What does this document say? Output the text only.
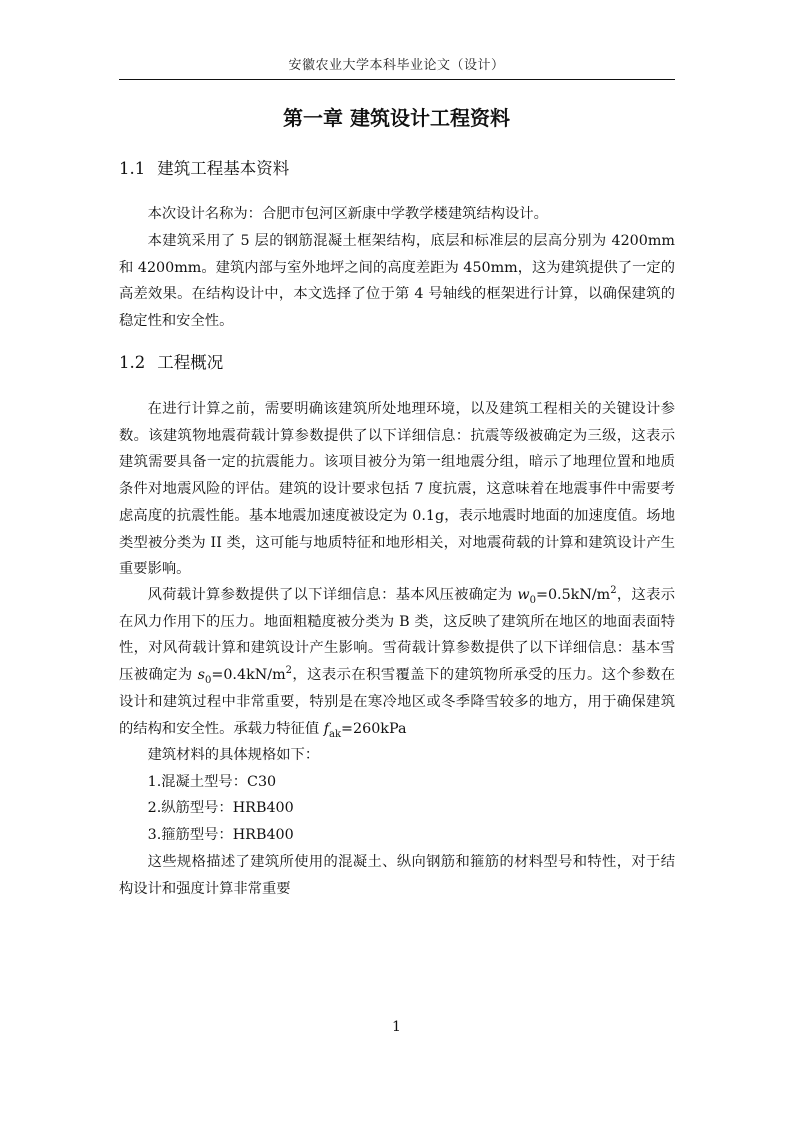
安徽农业大学本科毕业论文（设计）
第一章 建筑设计工程资料
1.1 建筑工程基本资料

本次设计名称为：合肥市包河区新康中学教学楼建筑结构设计。

本建筑采用了 5 层的钢筋混凝土框架结构，底层和标准层的层高分别为 4200mm 和 4200mm。建筑内部与室外地坪之间的高度差距为 450mm，这为建筑提供了一定的高差效果。在结构设计中，本文选择了位于第 4 号轴线的框架进行计算，以确保建筑的稳定性和安全性。

1.2 工程概况

在进行计算之前，需要明确该建筑所处地理环境，以及建筑工程相关的关键设计参数。该建筑物地震荷载计算参数提供了以下详细信息：抗震等级被确定为三级，这表示建筑需要具备一定的抗震能力。该项目被分为第一组地震分组，暗示了地理位置和地质条件对地震风险的评估。建筑的设计要求包括 7 度抗震，这意味着在地震事件中需要考虑高度的抗震性能。基本地震加速度被设定为 0.1g，表示地震时地面的加速度值。场地类型被分类为 II 类，这可能与地质特征和地形相关，对地震荷载的计算和建筑设计产生重要影响。

风荷载计算参数提供了以下详细信息：基本风压被确定为 $w_0=0.5kN/m^2$，这表示在风力作用下的压力。地面粗糙度被分类为 B 类，这反映了建筑所在地区的地面表面特性，对风荷载计算和建筑设计产生影响。雪荷载计算参数提供了以下详细信息：基本雪压被确定为 $s_0=0.4kN/m^2$，这表示在积雪覆盖下的建筑物所承受的压力。这个参数在设计和建筑过程中非常重要，特别是在寒冷地区或冬季降雪较多的地方，用于确保建筑的结构和安全性。承载力特征值 $f_{ak}=260kPa$

建筑材料的具体规格如下：

1.混凝土型号：C30

2.纵筋型号：HRB400

3.箍筋型号：HRB400

这些规格描述了建筑所使用的混凝土、纵向钢筋和箍筋的材料型号和特性，对于结构设计和强度计算非常重要

1
